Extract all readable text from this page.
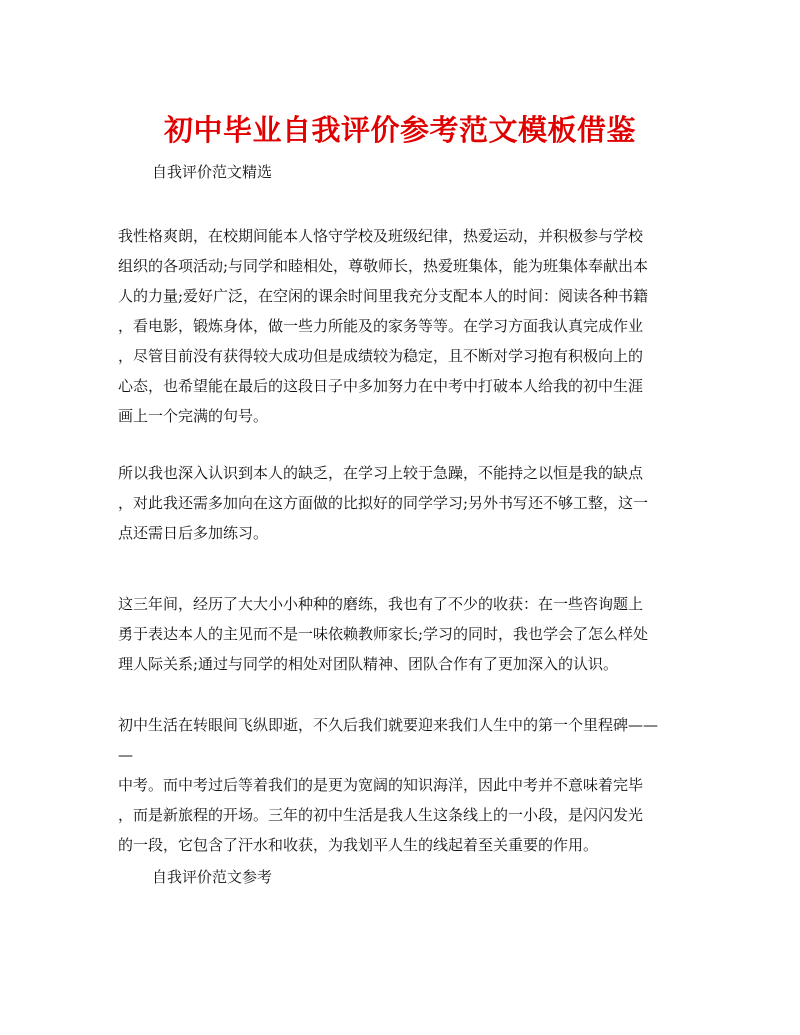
初中毕业自我评价参考范文模板借鉴
自我评价范文精选
我性格爽朗，在校期间能本人恪守学校及班级纪律，热爱运动，并积极参与学校
组织的各项活动;与同学和睦相处，尊敬师长，热爱班集体，能为班集体奉献出本
人的力量;爱好广泛，在空闲的课余时间里我充分支配本人的时间：阅读各种书籍
，看电影，锻炼身体，做一些力所能及的家务等等。在学习方面我认真完成作业
，尽管目前没有获得较大成功但是成绩较为稳定，且不断对学习抱有积极向上的
心态，也希望能在最后的这段日子中多加努力在中考中打破本人给我的初中生涯
画上一个完满的句号。
所以我也深入认识到本人的缺乏，在学习上较于急躁，不能持之以恒是我的缺点
，对此我还需多加向在这方面做的比拟好的同学学习;另外书写还不够工整，这一
点还需日后多加练习。
这三年间，经历了大大小小种种的磨练，我也有了不少的收获：在一些咨询题上
勇于表达本人的主见而不是一味依赖教师家长;学习的同时，我也学会了怎么样处
理人际关系;通过与同学的相处对团队精神、团队合作有了更加深入的认识。
初中生活在转眼间飞纵即逝，不久后我们就要迎来我们人生中的第一个里程碑——
—
中考。而中考过后等着我们的是更为宽阔的知识海洋，因此中考并不意味着完毕
，而是新旅程的开场。三年的初中生活是我人生这条线上的一小段，是闪闪发光
的一段，它包含了汗水和收获，为我划平人生的线起着至关重要的作用。
自我评价范文参考
